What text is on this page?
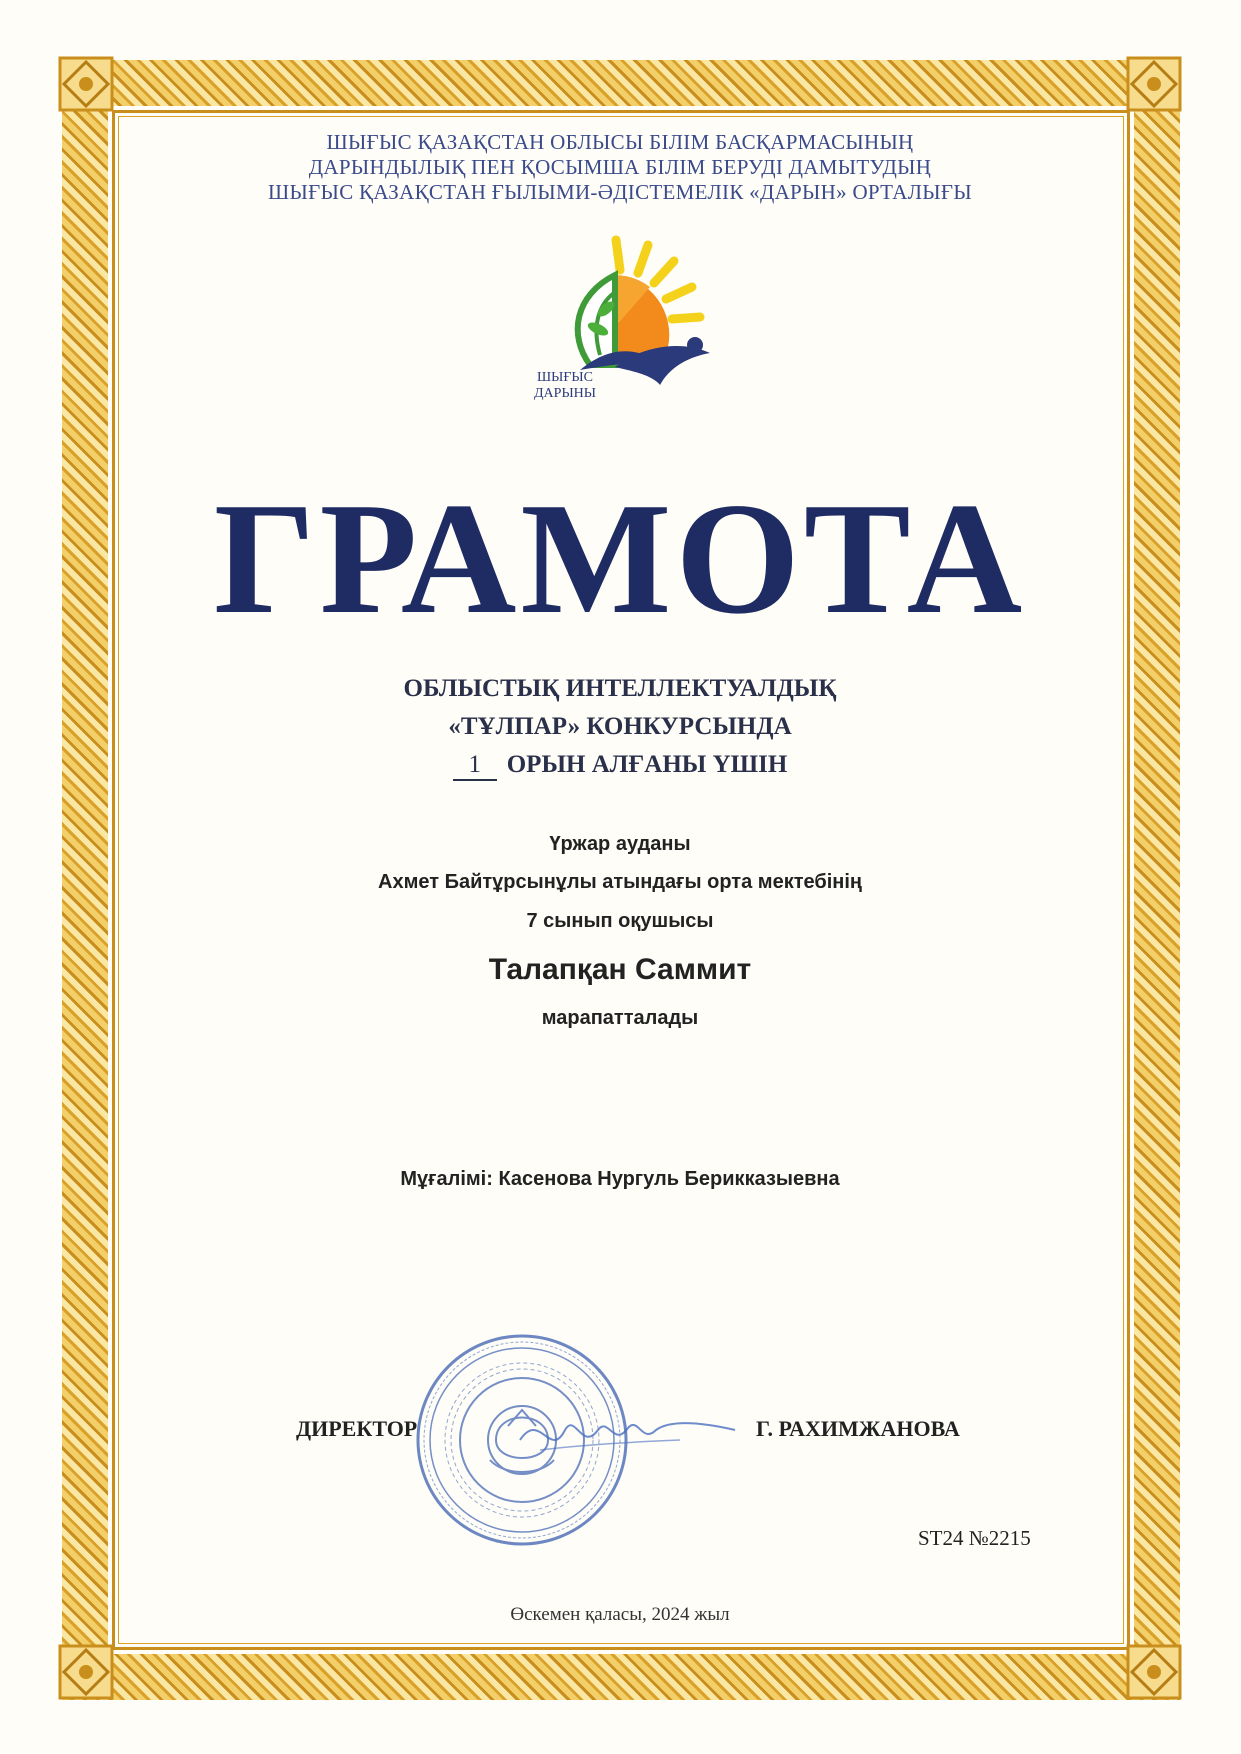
ШЫҒЫС ҚАЗАҚСТАН ОБЛЫСЫ БІЛІМ БАСҚАРМАСЫНЫҢ
ДАРЫНДЫЛЫҚ ПЕН ҚОСЫМША БІЛІМ БЕРУДІ ДАМЫТУДЫҢ
ШЫҒЫС ҚАЗАҚСТАН ҒЫЛЫМИ-ӘДІСТЕМЕЛІК «ДАРЫН» ОРТАЛЫҒЫ
ШЫҒЫС
ДАРЫНЫ
ГРАМОТА
ОБЛЫСТЫҚ ИНТЕЛЛЕКТУАЛДЫҚ
«ТҰЛПАР» КОНКУРСЫНДА
1 ОРЫН АЛҒАНЫ ҮШІН
Үржар ауданы
Ахмет Байтұрсынұлы атындағы орта мектебінің
7 сынып оқушысы
Талапқан Саммит
марапатталады
Мұғалімі: Касенова Нургуль Берикказыевна
ДИРЕКТОР	Г. РАХИМЖАНОВА
ST24 №2215
Өскемен қаласы, 2024 жыл
